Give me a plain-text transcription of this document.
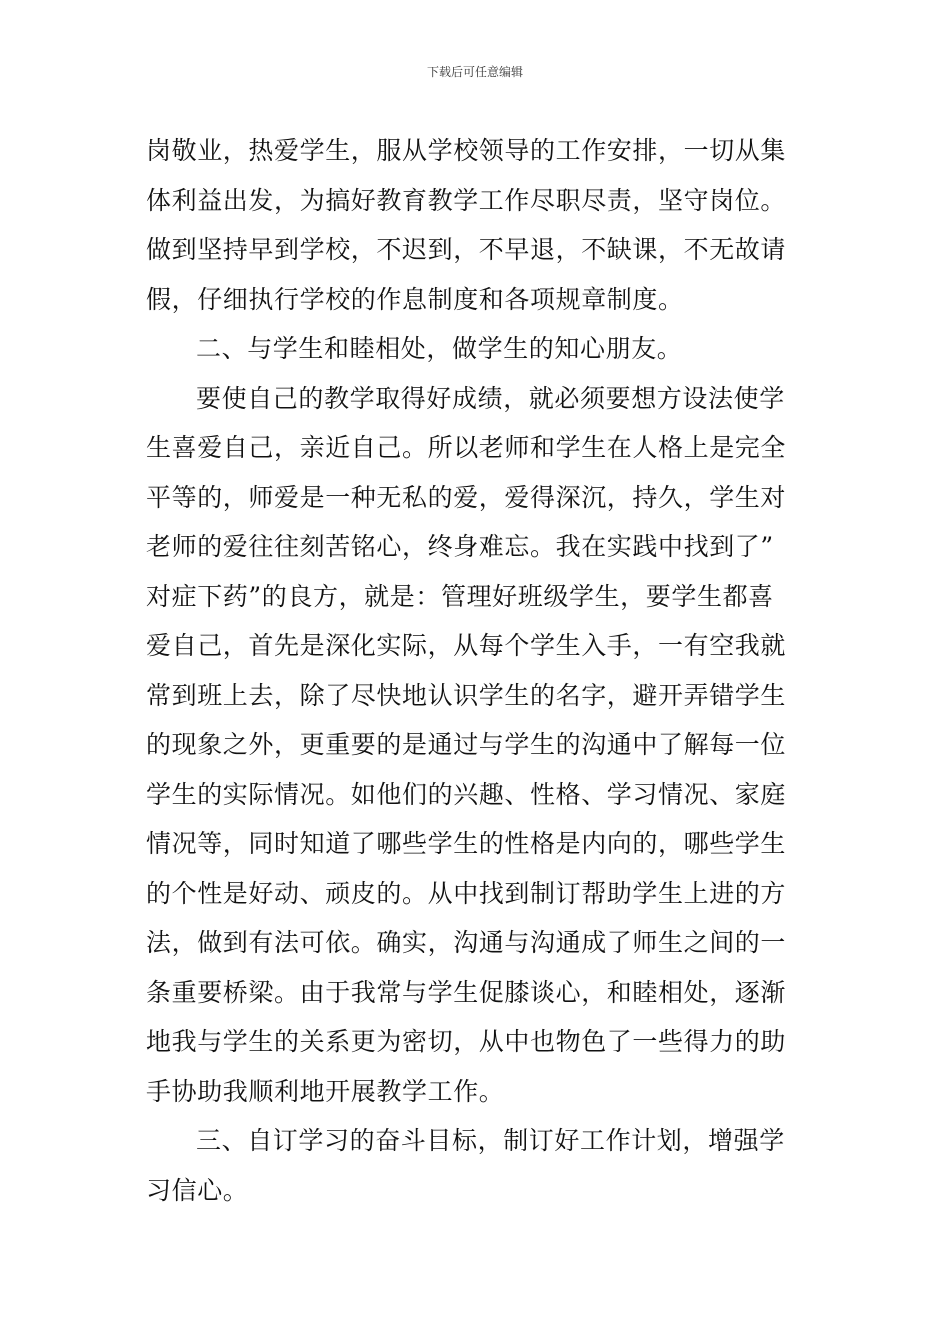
下载后可任意编辑
岗敬业，热爱学生，服从学校领导的工作安排，一切从集
体利益出发，为搞好教育教学工作尽职尽责，坚守岗位。
做到坚持早到学校，不迟到，不早退，不缺课，不无故请
假，仔细执行学校的作息制度和各项规章制度。
二、与学生和睦相处，做学生的知心朋友。
要使自己的教学取得好成绩，就必须要想方设法使学
生喜爱自己，亲近自己。所以老师和学生在人格上是完全
平等的，师爱是一种无私的爱，爱得深沉，持久，学生对
老师的爱往往刻苦铭心，终身难忘。我在实践中找到了”
对症下药”的良方，就是：管理好班级学生，要学生都喜
爱自己，首先是深化实际，从每个学生入手，一有空我就
常到班上去，除了尽快地认识学生的名字，避开弄错学生
的现象之外，更重要的是通过与学生的沟通中了解每一位
学生的实际情况。如他们的兴趣、性格、学习情况、家庭
情况等，同时知道了哪些学生的性格是内向的，哪些学生
的个性是好动、顽皮的。从中找到制订帮助学生上进的方
法，做到有法可依。确实，沟通与沟通成了师生之间的一
条重要桥梁。由于我常与学生促膝谈心，和睦相处，逐渐
地我与学生的关系更为密切，从中也物色了一些得力的助
手协助我顺利地开展教学工作。
三、自订学习的奋斗目标，制订好工作计划，增强学
习信心。
